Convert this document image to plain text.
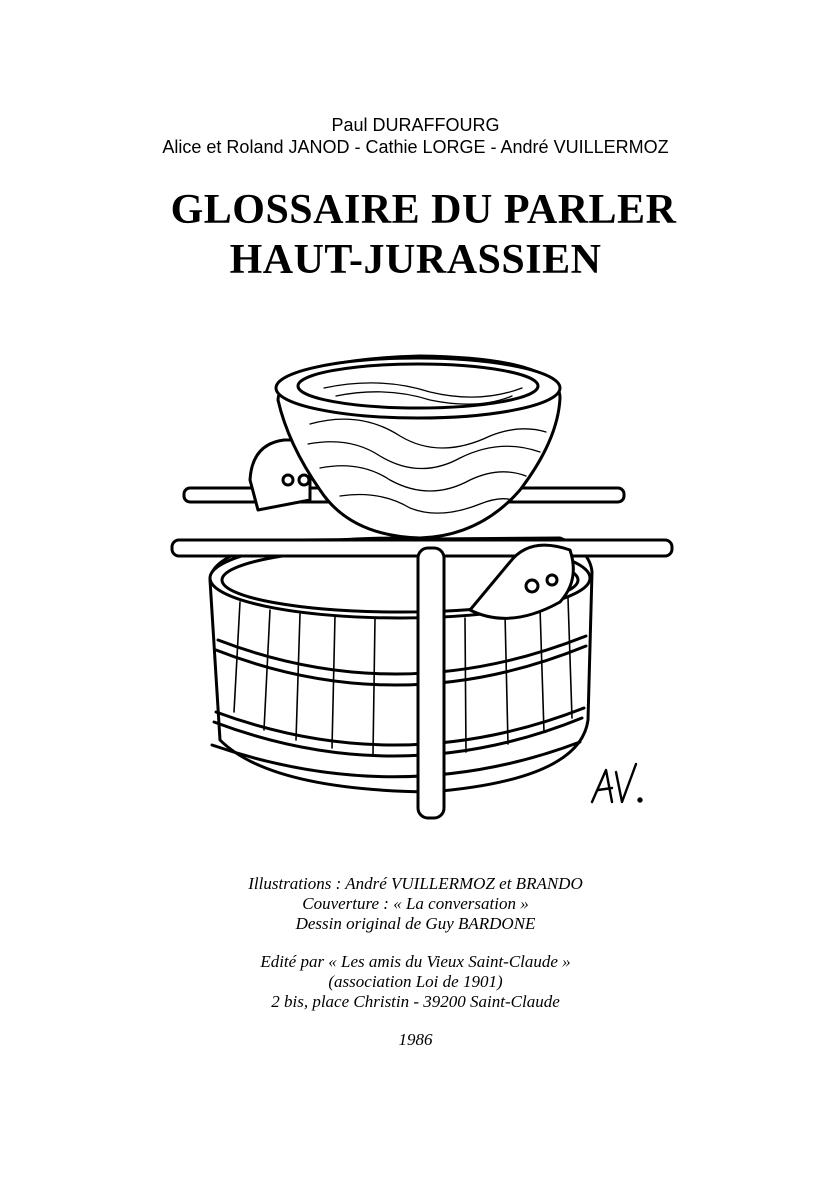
Paul DURAFFOURG
Alice et Roland JANOD - Cathie LORGE - André VUILLERMOZ
GLOSSAIRE DU PARLER
HAUT-JURASSIEN
Illustrations : André VUILLERMOZ et BRANDO
Couverture : « La conversation »
Dessin original de Guy BARDONE
Edité par « Les amis du Vieux Saint-Claude »
(association Loi de 1901)
2 bis, place Christin - 39200 Saint-Claude
1986
